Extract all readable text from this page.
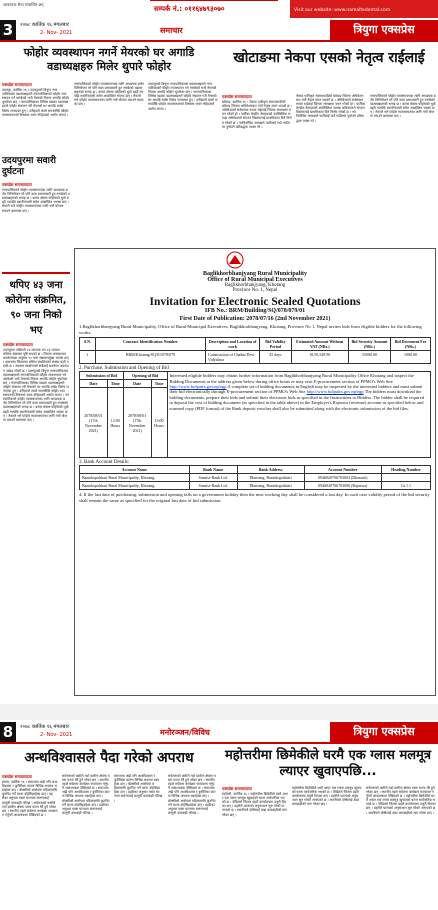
आवश्यक सेवा संचालित छन्
सम्पर्क नं.: ०११६४७९३०७०	Visit our website: www.namaltedental.com
3	२०७८ कार्तिक १६ मंगलबार
2- Nov- 2021	समाचार	त्रियुगा एक्सप्रेस
फोहोर व्यवस्थापन नगर्ने मेयरको घर अगाडि वडाध्यक्षहरु मिलेर थुपारे फोहोर
खोटाङमा नेकपा एसको नेतृत्व राईलाई
एक्सप्रेस समाचारदाता
उदयपुर, कार्तिक १६ । उदयपुरको त्रियुगा नगरपालिकाका वडाध्यक्षहरुले नगरपालिकाको फोहोर व्यवस्थापन गर्न नसकेको भन्दै मेयरको निवास अगाडि फोहोर थुपारेका छन् । नगरपालिकाका विभिन्न वडाका वडाध्यक्षहरुले फोहोर संकलन गरी मेयरको घर अगाडि राखेर विरोध जनाएका हुन् । उनीहरुले लामो समयदेखि फोहोर व्यवस्थापनको विषयमा ध्यान नदिइएको आरोप लगाए ।
नगरपालिकाले फोहोर व्यवस्थापनका लागि आवश्यक बजेट विनियोजन गरे पनि काम प्रभावकारी हुन नसकेको वडाध्यक्षहरुको भनाइ छ । बजार क्षेत्रमा फोहोरको थुप्रो बढ्दै गएपछि स्थानीयवासी समेत आक्रोशित भएका छन् । मेयरले भने फोहोर व्यवस्थापनका लागि नयाँ योजना ल्याउने बताएका छन् ।
उदयपुरको त्रियुगा नगरपालिकाका वडाध्यक्षहरुले नगरपालिकाको फोहोर व्यवस्थापन गर्न नसकेको भन्दै मेयरको निवास अगाडि फोहोर थुपारेका छन् । नगरपालिकाका विभिन्न वडाका वडाध्यक्षहरुले फोहोर संकलन गरी मेयरको घर अगाडि राखेर विरोध जनाएका हुन् । उनीहरुले लामो समयदेखि फोहोर व्यवस्थापनको विषयमा ध्यान नदिइएको आरोप लगाए ।
उदयपुरमा सवारी दुर्घटना
एक्सप्रेस समाचारदाता
नगरपालिकाले फोहोर व्यवस्थापनका लागि आवश्यक बजेट विनियोजन गरे पनि काम प्रभावकारी हुन नसकेको वडाध्यक्षहरुको भनाइ छ । बजार क्षेत्रमा फोहोरको थुप्रो बढ्दै गएपछि स्थानीयवासी समेत आक्रोशित भएका छन् । मेयरले भने फोहोर व्यवस्थापनका लागि नयाँ योजना ल्याउने बताएका छन् ।
एक्सप्रेस समाचारदाता
खोटाङ, कार्तिक १६ । नेकपा एकीकृत समाजवादीको खोटाङ जिल्ला अधिवेशनबाट नयाँ नेतृत्व चयन भएको छ । अधिवेशनले सर्वसम्मत रुपमा राईलाई जिल्ला अध्यक्षमा चयन गरेको हो । पार्टीका केन्द्रीय नेताहरुको उपस्थितिमा सम्पन्न अधिवेशनले संगठन विस्तारलाई प्राथमिकता दिने निर्णय गरेको छ । नवनिर्वाचित अध्यक्षले पार्टीलाई गाउँ गाउँसम्म पुर्याउने प्रतिबद्धता व्यक्त गरे ।
नेकपा एकीकृत समाजवादीको खोटाङ जिल्ला अधिवेशनबाट नयाँ नेतृत्व चयन भएको छ । अधिवेशनले सर्वसम्मत रुपमा राईलाई जिल्ला अध्यक्षमा चयन गरेको हो । पार्टीका केन्द्रीय नेताहरुको उपस्थितिमा सम्पन्न अधिवेशनले संगठन विस्तारलाई प्राथमिकता दिने निर्णय गरेको छ । नवनिर्वाचित अध्यक्षले पार्टीलाई गाउँ गाउँसम्म पुर्याउने प्रतिबद्धता व्यक्त गरे ।
नगरपालिकाले फोहोर व्यवस्थापनका लागि आवश्यक बजेट विनियोजन गरे पनि काम प्रभावकारी हुन नसकेको वडाध्यक्षहरुको भनाइ छ । बजार क्षेत्रमा फोहोरको थुप्रो बढ्दै गएपछि स्थानीयवासी समेत आक्रोशित भएका छन् । मेयरले भने फोहोर व्यवस्थापनका लागि नयाँ योजना ल्याउने बताएका छन् ।
थपिए ४३ जना कोरोना संक्रमित, ९० जना निको भए
एक्सप्रेस समाचारदाता
उदयपुरमा पछिल्लो २४ घण्टामा थप ४३ जनामा कोरोना संक्रमण पुष्टि भएको छ । जिल्ला जनस्वास्थ्य कार्यालयका अनुसार ९० जना संक्रमणमुक्त भएका छन् । हालसम्म जिल्लामा सक्रिय संक्रमितको संख्या घट्दै गएको छ । स्वास्थ्य कार्यालयले सबैलाई सतर्कता अपनाउन आग्रह गरेको छ । उदयपुरको त्रियुगा नगरपालिकाका वडाध्यक्षहरुले नगरपालिकाको फोहोर व्यवस्थापन गर्न नसकेको भन्दै मेयरको निवास अगाडि फोहोर थुपारेका छन् । नगरपालिकाका विभिन्न वडाका वडाध्यक्षहरुले फोहोर संकलन गरी मेयरको घर अगाडि राखेर विरोध जनाएका हुन् । उनीहरुले लामो समयदेखि फोहोर व्यवस्थापनको विषयमा ध्यान नदिइएको आरोप लगाए । नगरपालिकाले फोहोर व्यवस्थापनका लागि आवश्यक बजेट विनियोजन गरे पनि काम प्रभावकारी हुन नसकेको वडाध्यक्षहरुको भनाइ छ । बजार क्षेत्रमा फोहोरको थुप्रो बढ्दै गएपछि स्थानीयवासी समेत आक्रोशित भएका छन् । मेयरले भने फोहोर व्यवस्थापनका लागि नयाँ योजना ल्याउने बताएका छन् ।
Baglikhorbhanjyang Rural Municipality
Office of Rural Municipal Executives
Baglikhorbhanjyang, Khotang
Province No. 1, Nepal
Invitation for Electronic Sealed Quotations
IFB No.: BRM/Building/SQ/078/079/01
First Date of Publication: 2078/07/16 (2nd November 2021)
1.Baglikhorbhanjyang Rural Municipality, Office of Rural Municipal Executives, Baglikhorbhanjyang, Khotang, Province No 1, Nepal invites bids from eligible bidders for the following works:
S.N.	Contract Identification Number	Description and Location of work	Bid Validity Period	Estimated Amount Without VAT (NRs.)	Bid Security Amount (NRs.)	Bid Document Fee (NRs.)
1	BRM/Khotang/SQ/01/078/079	Construction of Chaibu Devi Vidyalaya	45 days	18,50,549.96	55000.00	1000.00
2. Purchase, Submission and Opening of Bid
Submission of Bid		Opening of Bid		Interested eligible bidders may obtain further information from Baglikhorbhanjyang Rural Municipality Office Khotang and inspect the Bidding Documents at the address given below during office hours or may visit E-procurement section of PPMO's Web Site http://www.bolpatra.gov.np/egp A complete set of bidding documents in English may be inspected by the interested bidders and must submit their bid electronically through E-procurement section of PPMO's Web Site http://www.bolpatra.gov.np/egp The bidders must download the bidding documents, prepare their bids and submit their electronic bids as specified in the Instructions to Bidders. The bidder shall be required to deposit the cost of bidding document (as specified in the table above) in the Employer's Rajaswa (revenue) account as specified below and scanned copy (PDF format) of the Bank deposit voucher shall also be submitted along with the electronic submission of the bid files.
Date	Time	Date	Time	
2078/08/01 (17th November 2021)	12:00 Hours	2078/08/01 (17th November 2021)	13:00 Hours	
3. Bank Account Details:
Account Name	Bank Name	Bank Address	Account Number	Heading Number
Baniskopokhari Rural Municipality, Khotang	Sunrise Bank Ltd.	Dhartang, Baniskopokhari	0946020706703004 (Dharauti)	
Baniskopokhari Rural Municipality, Khotang	Sunrise Bank Ltd.	Dhartang, Baniskopokhari	0946020706703006 (Rajaswa)	Gt 1.1
4. If the last date of purchasing, submission and opening falls on a government holiday then the next working day shall be considered a last day. In such case validity period of the bid security shall remain the same as specified for the original last date of bid submission.
8	२०७८ कार्तिक १६ मंगलबार
2- Nov- 2021	मनोरञ्जन/विविध	त्रियुगा एक्सप्रेस
अन्धविश्वासले पैदा गरेको अपराध	महोत्तरीमा छिमेकीले घरमै एक ग्लास मलमूत्र ल्याएर खुवाएपछि...
एक्सप्रेस समाचारदाता
इलाम, कार्तिक १६ । समाजमा अझै पनि अन्धविश्वास र कुरीतिका कारण विभिन्न अपराध भइरहेका छन् । बोक्सीको आरोपमा महिलामाथि कुटपिट गर्ने घटना दोहोरिइरहेका छन् । प्रहरीका अनुसार यस्ता घटनामा संलग्नलाई कानुनी कारबाही गरिन्छ । सचेतनाको कमीले गर्दा ग्रामीण क्षेत्रमा यस्ता घटना धेरै हुने गरेका छन् । स्थानीय तहले सचेतना कार्यक्रम सञ्चालन गर्नुपर्ने आवश्यकता देखिएको छ ।
सचेतनाको कमीले गर्दा ग्रामीण क्षेत्रमा यस्ता घटना धेरै हुने गरेका छन् । स्थानीय तहले सचेतना कार्यक्रम सञ्चालन गर्नुपर्ने आवश्यकता देखिएको छ । समाजमा अझै पनि अन्धविश्वास र कुरीतिका कारण विभिन्न अपराध भइरहेका छन् । बोक्सीको आरोपमा महिलामाथि कुटपिट गर्ने घटना दोहोरिइरहेका छन् । प्रहरीका अनुसार यस्ता घटनामा संलग्नलाई कानुनी कारबाही गरिन्छ ।
समाजमा अझै पनि अन्धविश्वास र कुरीतिका कारण विभिन्न अपराध भइरहेका छन् । बोक्सीको आरोपमा महिलामाथि कुटपिट गर्ने घटना दोहोरिइरहेका छन् । प्रहरीका अनुसार यस्ता घटनामा संलग्नलाई कानुनी कारबाही गरिन्छ ।
सचेतनाको कमीले गर्दा ग्रामीण क्षेत्रमा यस्ता घटना धेरै हुने गरेका छन् । स्थानीय तहले सचेतना कार्यक्रम सञ्चालन गर्नुपर्ने आवश्यकता देखिएको छ । समाजमा अझै पनि अन्धविश्वास र कुरीतिका कारण विभिन्न अपराध भइरहेका छन् । बोक्सीको आरोपमा महिलामाथि कुटपिट गर्ने घटना दोहोरिइरहेका छन् । प्रहरीका अनुसार यस्ता घटनामा संलग्नलाई कानुनी कारबाही गरिन्छ ।
एक्सप्रेस समाचारदाता
महोत्तरी, कार्तिक १६ । महोत्तरीमा छिमेकीले घरमै आएर एक ग्लास मलमूत्र खुवाएको घटना सार्वजनिक भएको छ । पीडितले जिल्ला प्रहरी कार्यालयमा उजुरी दिएका छन् । प्रहरीले घटनाको अनुसन्धान सुरु गरेको जनाएको छ । स्थानीयले दोषीलाई कडा कारबाहीको माग गरेका छन् ।
महोत्तरीमा छिमेकीले घरमै आएर एक ग्लास मलमूत्र खुवाएको घटना सार्वजनिक भएको छ । पीडितले जिल्ला प्रहरी कार्यालयमा उजुरी दिएका छन् । प्रहरीले घटनाको अनुसन्धान सुरु गरेको जनाएको छ । स्थानीयले दोषीलाई कडा कारबाहीको माग गरेका छन् ।
सचेतनाको कमीले गर्दा ग्रामीण क्षेत्रमा यस्ता घटना धेरै हुने गरेका छन् । स्थानीय तहले सचेतना कार्यक्रम सञ्चालन गर्नुपर्ने आवश्यकता देखिएको छ । महोत्तरीमा छिमेकीले घरमै आएर एक ग्लास मलमूत्र खुवाएको घटना सार्वजनिक भएको छ । पीडितले जिल्ला प्रहरी कार्यालयमा उजुरी दिएका छन् । प्रहरीले घटनाको अनुसन्धान सुरु गरेको जनाएको छ । स्थानीयले दोषीलाई कडा कारबाहीको माग गरेका छन् ।
